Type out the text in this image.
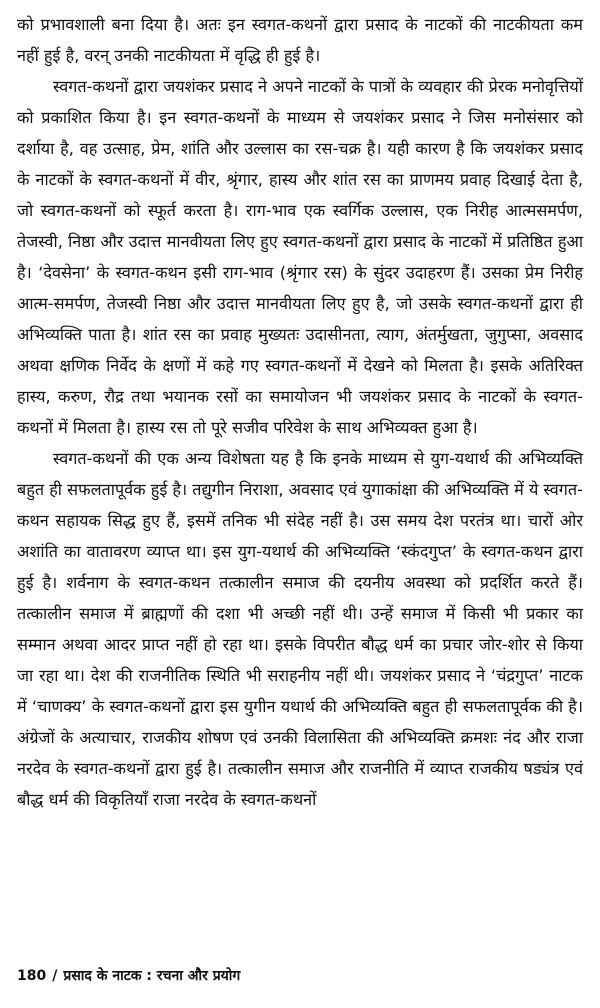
को प्रभावशाली बना दिया है। अतः इन स्वगत-कथनों द्वारा प्रसाद के नाटकों की नाटकीयता कम नहीं हुई है, वरन् उनकी नाटकीयता में वृद्धि ही हुई है।

स्वगत-कथनों द्वारा जयशंकर प्रसाद ने अपने नाटकों के पात्रों के व्यवहार की प्रेरक मनोवृत्तियों को प्रकाशित किया है। इन स्वगत-कथनों के माध्यम से जयशंकर प्रसाद ने जिस मनोसंसार को दर्शाया है, वह उत्साह, प्रेम, शांति और उल्लास का रस-चक्र है। यही कारण है कि जयशंकर प्रसाद के नाटकों के स्वगत-कथनों में वीर, श्रृंगार, हास्य और शांत रस का प्राणमय प्रवाह दिखाई देता है, जो स्वगत-कथनों को स्फूर्त करता है। राग-भाव एक स्वर्गिक उल्लास, एक निरीह आत्मसमर्पण, तेजस्वी, निष्ठा और उदात्त मानवीयता लिए हुए स्वगत-कथनों द्वारा प्रसाद के नाटकों में प्रतिष्ठित हुआ है। ‘देवसेना’ के स्वगत-कथन इसी राग-भाव (श्रृंगार रस) के सुंदर उदाहरण हैं। उसका प्रेम निरीह आत्म-समर्पण, तेजस्वी निष्ठा और उदात्त मानवीयता लिए हुए है, जो उसके स्वगत-कथनों द्वारा ही अभिव्यक्ति पाता है। शांत रस का प्रवाह मुख्यतः उदासीनता, त्याग, अंतर्मुखता, जुगुप्सा, अवसाद अथवा क्षणिक निर्वेद के क्षणों में कहे गए स्वगत-कथनों में देखने को मिलता है। इसके अतिरिक्त हास्य, करुण, रौद्र तथा भयानक रसों का समायोजन भी जयशंकर प्रसाद के नाटकों के स्वगत-कथनों में मिलता है। हास्य रस तो पूरे सजीव परिवेश के साथ अभिव्यक्त हुआ है।

स्वगत-कथनों की एक अन्य विशेषता यह है कि इनके माध्यम से युग-यथार्थ की अभिव्यक्ति बहुत ही सफलतापूर्वक हुई है। तद्युगीन निराशा, अवसाद एवं युगाकांक्षा की अभिव्यक्ति में ये स्वगत-कथन सहायक सिद्ध हुए हैं, इसमें तनिक भी संदेह नहीं है। उस समय देश परतंत्र था। चारों ओर अशांति का वातावरण व्याप्त था। इस युग-यथार्थ की अभिव्यक्ति ‘स्कंदगुप्त’ के स्वगत-कथन द्वारा हुई है। शर्वनाग के स्वगत-कथन तत्कालीन समाज की दयनीय अवस्था को प्रदर्शित करते हैं। तत्कालीन समाज में ब्राह्मणों की दशा भी अच्छी नहीं थी। उन्हें समाज में किसी भी प्रकार का सम्मान अथवा आदर प्राप्त नहीं हो रहा था। इसके विपरीत बौद्ध धर्म का प्रचार जोर-शोर से किया जा रहा था। देश की राजनीतिक स्थिति भी सराहनीय नहीं थी। जयशंकर प्रसाद ने ‘चंद्रगुप्त’ नाटक में ‘चाणक्य’ के स्वगत-कथनों द्वारा इस युगीन यथार्थ की अभिव्यक्ति बहुत ही सफलतापूर्वक की है। अंग्रेजों के अत्याचार, राजकीय शोषण एवं उनकी विलासिता की अभिव्यक्ति क्रमशः नंद और राजा नरदेव के स्वगत-कथनों द्वारा हुई है। तत्कालीन समाज और राजनीति में व्याप्त राजकीय षड्यंत्र एवं बौद्ध धर्म की विकृतियाँ राजा नरदेव के स्वगत-कथनों

180 / प्रसाद के नाटक : रचना और प्रयोग
